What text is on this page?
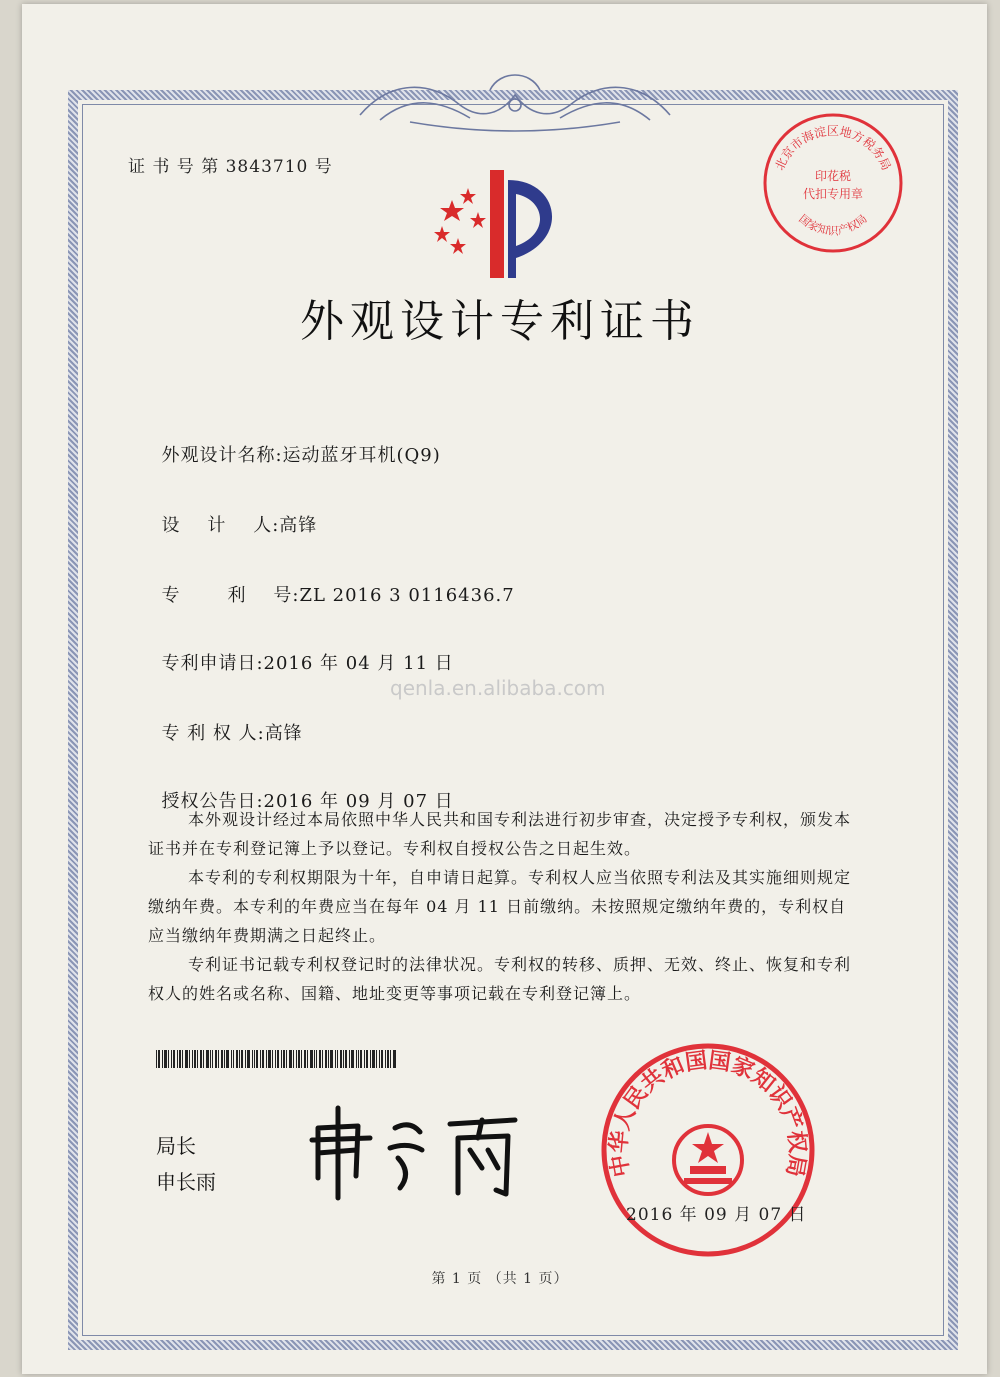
证 书 号 第 3843710 号	北京市海淀区地方税务局
印花税
代扣专用章
国家知识产权局
外观设计专利证书

外观设计名称:运动蓝牙耳机(Q9)

设    计    人:高锋

专       利    号:ZL 2016 3 0116436.7

专利申请日:2016 年 04 月 11 日

专 利 权 人:高锋

授权公告日:2016 年 09 月 07 日

qenla.en.alibaba.com
本外观设计经过本局依照中华人民共和国专利法进行初步审查，决定授予专利权，颁发本证书并在专利登记簿上予以登记。专利权自授权公告之日起生效。
本专利的专利权期限为十年，自申请日起算。专利权人应当依照专利法及其实施细则规定缴纳年费。本专利的年费应当在每年 04 月 11 日前缴纳。未按照规定缴纳年费的，专利权自应当缴纳年费期满之日起终止。
专利证书记载专利权登记时的法律状况。专利权的转移、质押、无效、终止、恢复和专利权人的姓名或名称、国籍、地址变更等事项记载在专利登记簿上。
局长
申长雨
中华人民共和国国家知识产权局
2016 年 09 月 07 日
第 1 页 （共 1 页）
